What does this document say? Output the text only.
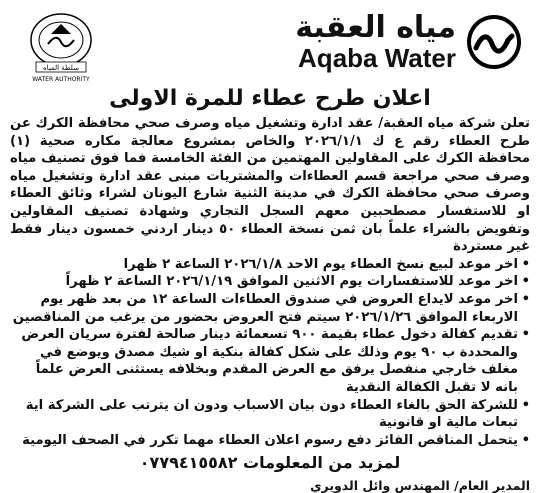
مياه العقبة
Aqaba Water
سلطة المياه
WATER AUTHORITY
اعلان طرح عطاء للمرة الاولى

تعلن شركة مياه العقبة/ عقد ادارة وتشغيل مياه وصرف صحي محافظة الكرك عن طرح العطاء رقم ع ك ٢٠٢٦/١/١ والخاص بمشروع معالجة مكاره صحية (١) محافظة الكرك على المقاولين المهتمين من الفئة الخامسة فما فوق تصنيف مياه وصرف صحي مراجعة قسم العطاءات والمشتريات مبنى عقد ادارة وتشغيل مياه وصرف صحي محافظة الكرك في مدينة الثنية شارع اليونان لشراء وثائق العطاء او للاستفسار مصطحبين معهم السجل التجاري وشهادة تصنيف المقاولين وتفويض بالشراء علماً بان ثمن نسخة العطاء ٥٠ دينار اردني خمسون دينار فقط غير مستردة

• اخر موعد لبيع نسخ العطاء يوم الاحد ٢٠٢٦/١/٨ الساعة ٢ ظهرا
• اخر موعد للاستفسارات يوم الاثنين الموافق ٢٠٢٦/١/١٩ الساعة ٢ ظهراً
• اخر موعد لايداع العروض في صندوق العطاءات الساعة ١٢ من بعد ظهر يوم الاربعاء الموافق ٢٠٢٦/١/٢٦ سيتم فتح العروض بحضور من يرغب من المناقصين
• تقديم كفالة دخول عطاء بقيمة ٩٠٠ تسعمائة دينار صالحة لفترة سريان العرض والمحددة ب ٩٠ يوم وذلك على شكل كفالة بنكية او شيك مصدق ويوضع في مغلف خارجي منفصل يرفق مع العرض المقدم وبخلافه يستثنى العرض علماً بانه لا تقبل الكفالة النقدية
• للشركة الحق بالغاء العطاء دون بيان الاسباب ودون ان يترتب على الشركة اية تبعات مالية او قانونية
• يتحمل المناقص الفائز دفع رسوم اعلان العطاء مهما تكرر في الصحف اليومية
لمزيد من المعلومات ٠٧٧٩٤١٥٥٨٢
المدير العام/ المهندس وائل الدويري
